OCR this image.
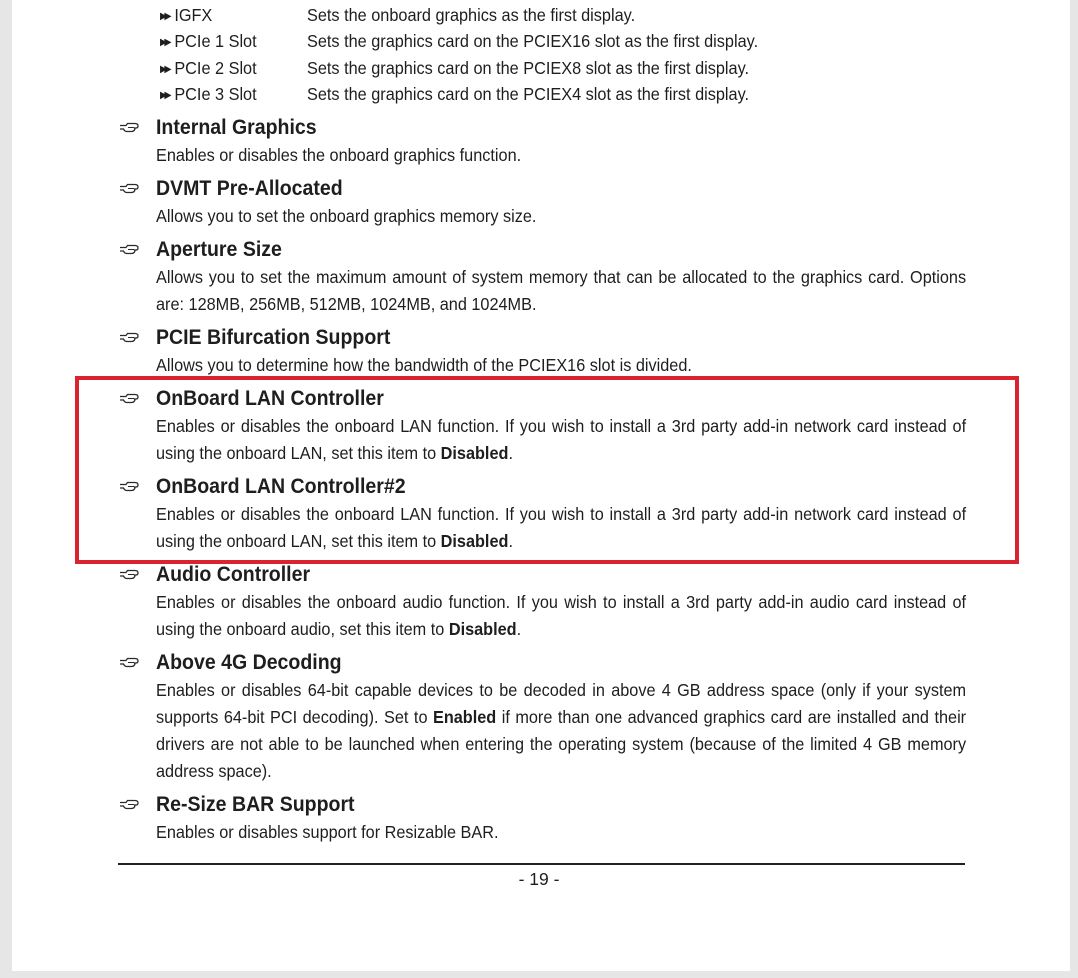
▶▶ IGFX	Sets the onboard graphics as the first display.
▶▶ PCIe 1 Slot	Sets the graphics card on the PCIEX16 slot as the first display.
▶▶ PCIe 2 Slot	Sets the graphics card on the PCIEX8 slot as the first display.
▶▶ PCIe 3 Slot	Sets the graphics card on the PCIEX4 slot as the first display.
Internal Graphics
Enables or disables the onboard graphics function.
DVMT Pre-Allocated
Allows you to set the onboard graphics memory size.
Aperture Size
Allows you to set the maximum amount of system memory that can be allocated to the graphics card. Options are: 128MB, 256MB, 512MB, 1024MB, and 1024MB.
PCIE Bifurcation Support
Allows you to determine how the bandwidth of the PCIEX16 slot is divided.
OnBoard LAN Controller
Enables or disables the onboard LAN function. If you wish to install a 3rd party add-in network card instead of using the onboard LAN, set this item to Disabled.
OnBoard LAN Controller#2
Enables or disables the onboard LAN function. If you wish to install a 3rd party add-in network card instead of using the onboard LAN, set this item to Disabled.
Audio Controller
Enables or disables the onboard audio function. If you wish to install a 3rd party add-in audio card instead of using the onboard audio, set this item to Disabled.
Above 4G Decoding
Enables or disables 64-bit capable devices to be decoded in above 4 GB address space (only if your system supports 64-bit PCI decoding). Set to Enabled if more than one advanced graphics card are installed and their drivers are not able to be launched when entering the operating system (because of the limited 4 GB memory address space).
Re-Size BAR Support
Enables or disables support for Resizable BAR.
- 19 -
